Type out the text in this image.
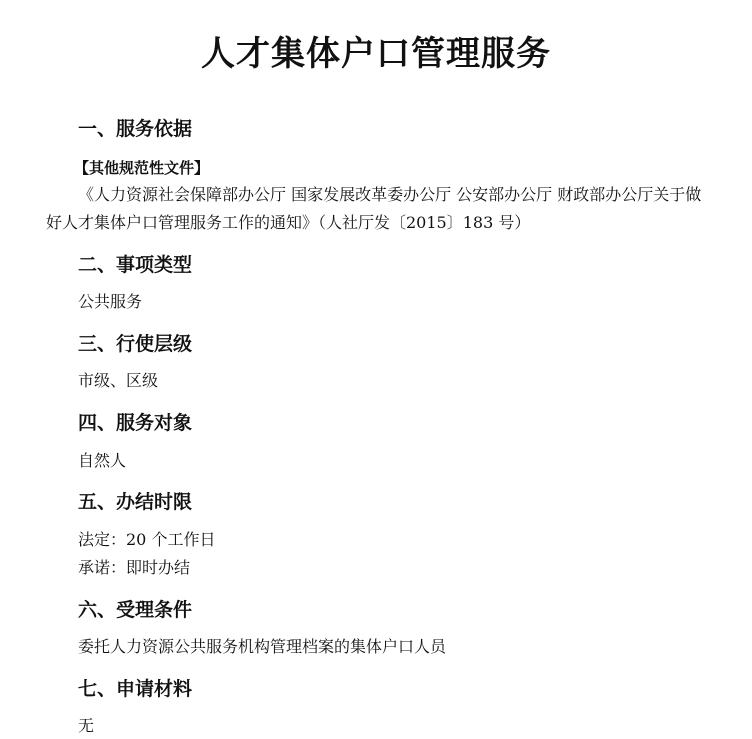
人才集体户口管理服务
一、服务依据
【其他规范性文件】

《人力资源社会保障部办公厅 国家发展改革委办公厅 公安部办公厅 财政部办公厅关于做好人才集体户口管理服务工作的通知》（人社厅发〔2015〕183 号）

二、事项类型
公共服务
三、行使层级
市级、区级
四、服务对象
自然人
五、办结时限
法定：20 个工作日
承诺：即时办结
六、受理条件
委托人力资源公共服务机构管理档案的集体户口人员
七、申请材料
无
